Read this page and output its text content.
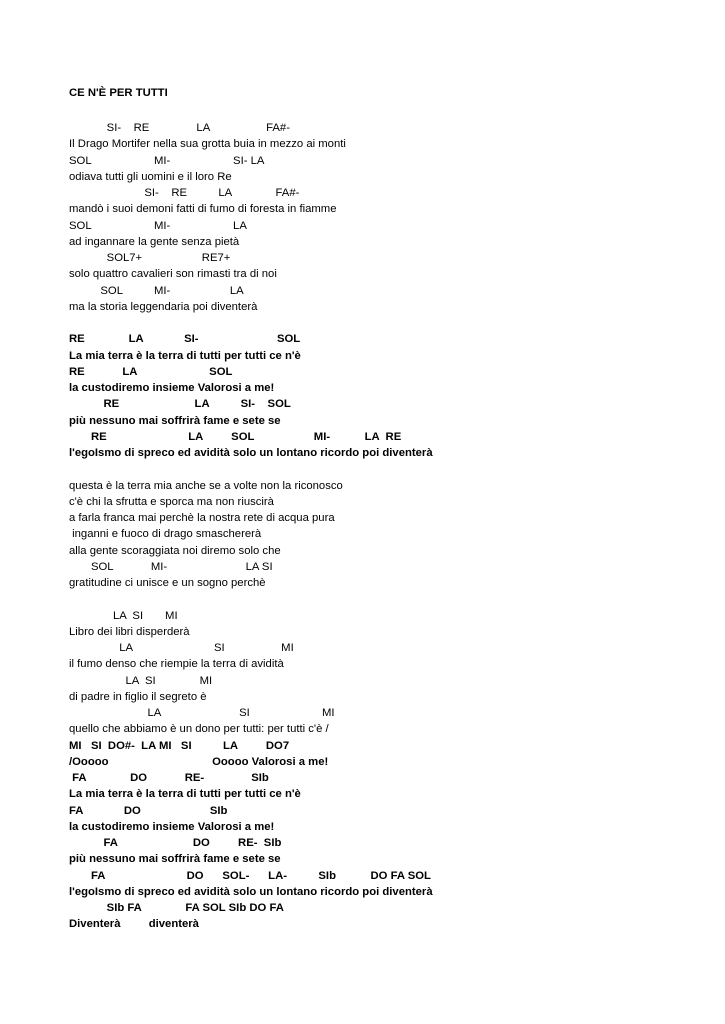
CE N'È PER TUTTI
SI-    RE               LA                  FA#-
Il Drago Mortifer nella sua grotta buia in mezzo ai monti
SOL                    MI-                    SI- LA
odiava tutti gli uomini e il loro Re
SI-    RE          LA              FA#-
mandò i suoi demoni fatti di fumo di foresta in fiamme
SOL                    MI-                    LA
ad ingannare la gente senza pietà
SOL7+                   RE7+
solo quattro cavalieri son rimasti tra di noi
SOL          MI-                   LA
ma la storia leggendaria poi diventerà
RE              LA             SI-                         SOL
La mia terra è la terra di tutti per tutti ce n'è
RE            LA                       SOL
la custodiremo insieme Valorosi a me!
RE                        LA          SI-    SOL
più nessuno mai soffrirà fame e sete se
RE                          LA         SOL                   MI-           LA  RE
l'egoIsmo di spreco ed avidità solo un lontano ricordo poi diventerà
questa è la terra mia anche se a volte non la riconosco
c'è chi la sfrutta e sporca ma non riuscirà
a farla franca mai perchè la nostra rete di acqua pura
inganni e fuoco di drago smaschererà
alla gente scoraggiata noi diremo solo che
SOL            MI-                         LA SI
gratitudine ci unisce e un sogno perchè
LA  SI       MI
Libro dei libri disperderà
LA                          SI                  MI
il fumo denso che riempie la terra di avidità
LA  SI              MI
di padre in figlio il segreto è
LA                         SI                       MI
quello che abbiamo è un dono per tutti: per tutti c'è /
MI   SI  DO#-  LA MI   SI          LA         DO7
/Ooooo                                 Ooooo Valorosi a me!
FA              DO            RE-               SIb
La mia terra è la terra di tutti per tutti ce n'è
FA             DO                      SIb
la custodiremo insieme Valorosi a me!
FA                        DO         RE-  SIb
più nessuno mai soffrirà fame e sete se
FA                          DO      SOL-      LA-          SIb           DO FA SOL
l'egoIsmo di spreco ed avidità solo un lontano ricordo poi diventerà
SIb FA              FA SOL SIb DO FA
Diventerà         diventerà
